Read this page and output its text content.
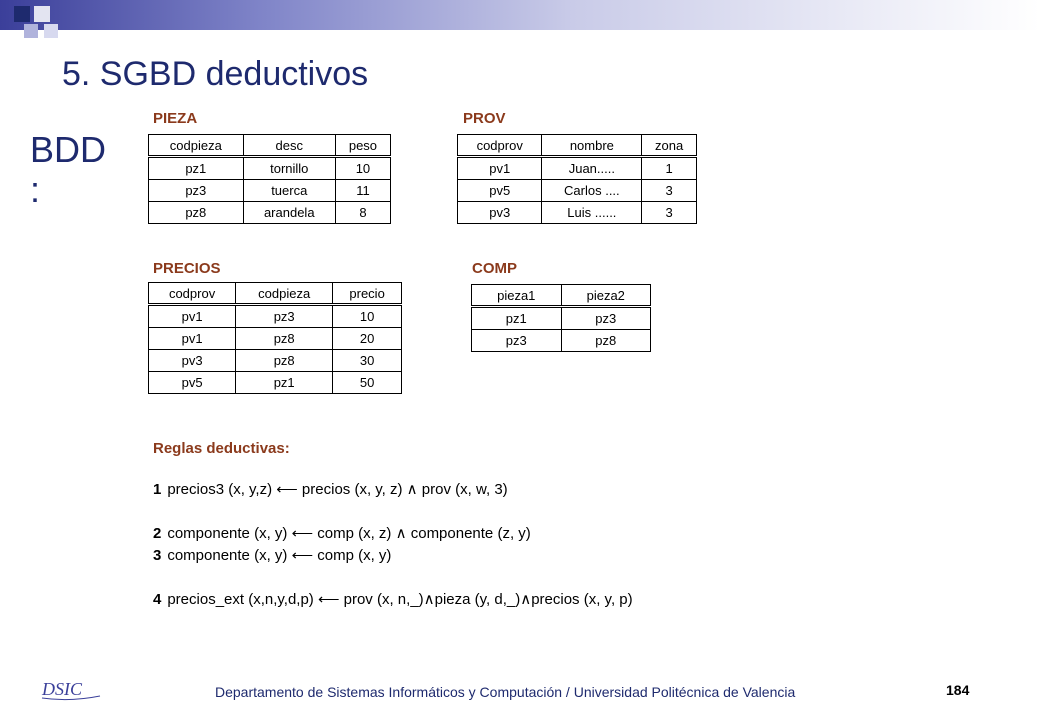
5. SGBD deductivos
BDD
:
PIEZA
codpieza	desc	peso
pz1	tornillo	10
pz3	tuerca	11
pz8	arandela	8
PROV
codprov	nombre	zona
pv1	Juan.....	1
pv5	Carlos ....	3
pv3	Luis ......	3
PRECIOS
codprov	codpieza	precio
pv1	pz3	10
pv1	pz8	20
pv3	pz8	30
pv5	pz1	50
COMP
pieza1	pieza2
pz1	pz3
pz3	pz8
Reglas deductivas:
1 precios3 (x, y,z) ⟵ precios (x, y, z) ∧ prov (x, w, 3)
2 componente (x, y) ⟵ comp (x, z) ∧ componente (z, y)
3 componente (x, y) ⟵ comp (x, y)
4 precios_ext (x,n,y,d,p) ⟵ prov (x, n,_)∧pieza (y, d,_)∧precios (x, y, p)
DSIC	Departamento de Sistemas Informáticos y Computación / Universidad Politécnica de Valencia	184
